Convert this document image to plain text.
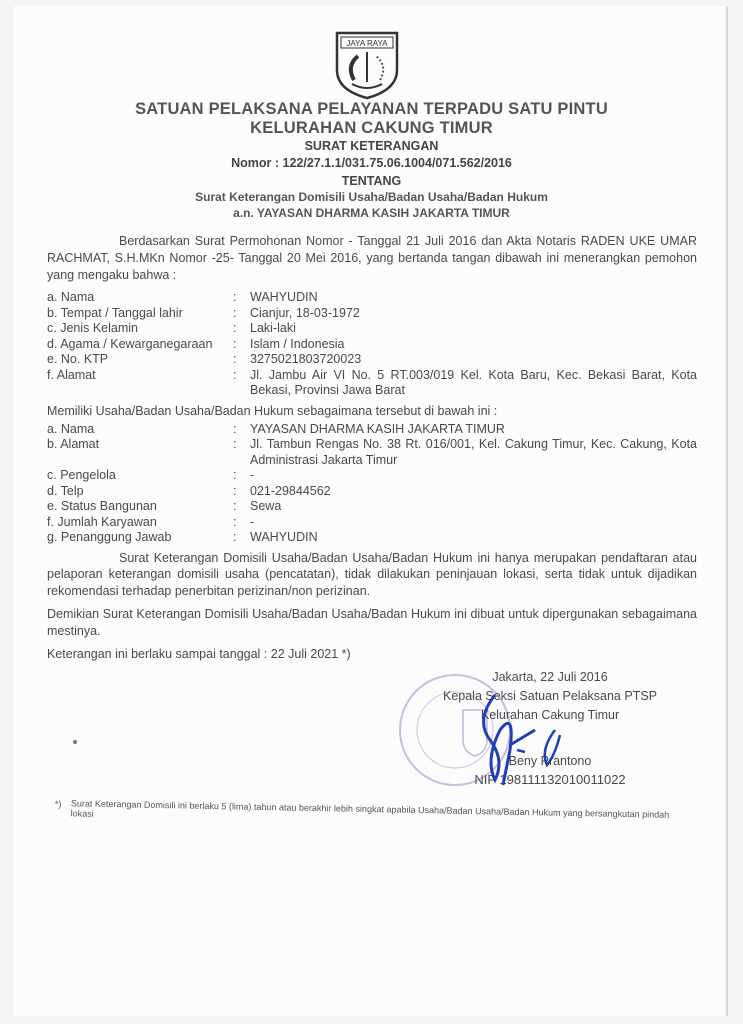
JAYA RAYA
SATUAN PELAKSANA PELAYANAN TERPADU SATU PINTU
KELURAHAN CAKUNG TIMUR
SURAT KETERANGAN
Nomor : 122/27.1.1/031.75.06.1004/071.562/2016
TENTANG
Surat Keterangan Domisili Usaha/Badan Usaha/Badan Hukum
a.n. YAYASAN DHARMA KASIH JAKARTA TIMUR

Berdasarkan Surat Permohonan Nomor - Tanggal 21 Juli 2016 dan Akta Notaris RADEN UKE UMAR RACHMAT, S.H.MKn Nomor -25- Tanggal 20 Mei 2016, yang bertanda tangan dibawah ini menerangkan pemohon yang mengaku bahwa :

a. Nama	:	WAHYUDIN
b. Tempat / Tanggal lahir	:	Cianjur, 18-03-1972
c. Jenis Kelamin	:	Laki-laki
d. Agama / Kewarganegaraan	:	Islam / Indonesia
e. No. KTP	:	3275021803720023
f. Alamat	:	Jl. Jambu Air VI No. 5 RT.003/019 Kel. Kota Baru, Kec. Bekasi Barat, Kota Bekasi, Provinsi Jawa Barat

Memiliki Usaha/Badan Usaha/Badan Hukum sebagaimana tersebut di bawah ini :

a. Nama	:	YAYASAN DHARMA KASIH JAKARTA TIMUR
b. Alamat	:	Jl. Tambun Rengas No. 38 Rt. 016/001, Kel. Cakung Timur, Kec. Cakung, Kota Administrasi Jakarta Timur
c. Pengelola	:	-
d. Telp	:	021-29844562
e. Status Bangunan	:	Sewa
f. Jumlah Karyawan	:	-
g. Penanggung Jawab	:	WAHYUDIN

Surat Keterangan Domisili Usaha/Badan Usaha/Badan Hukum ini hanya merupakan pendaftaran atau pelaporan keterangan domisili usaha (pencatatan), tidak dilakukan peninjauan lokasi, serta tidak untuk dijadikan rekomendasi terhadap penerbitan perizinan/non perizinan.

Demikian Surat Keterangan Domisili Usaha/Badan Usaha/Badan Hukum ini dibuat untuk dipergunakan sebagaimana mestinya.

Keterangan ini berlaku sampai tanggal : 22 Juli 2021 *)

Jakarta, 22 Juli 2016
Kepala Seksi Satuan Pelaksana PTSP
Kelurahan Cakung Timur
Beny Prantono
NIP 198111132010011022
*) Surat Keterangan Domisili ini berlaku 5 (lima) tahun atau berakhir lebih singkat apabila Usaha/Badan Usaha/Badan Hukum yang bersangkutan pindah lokasi
